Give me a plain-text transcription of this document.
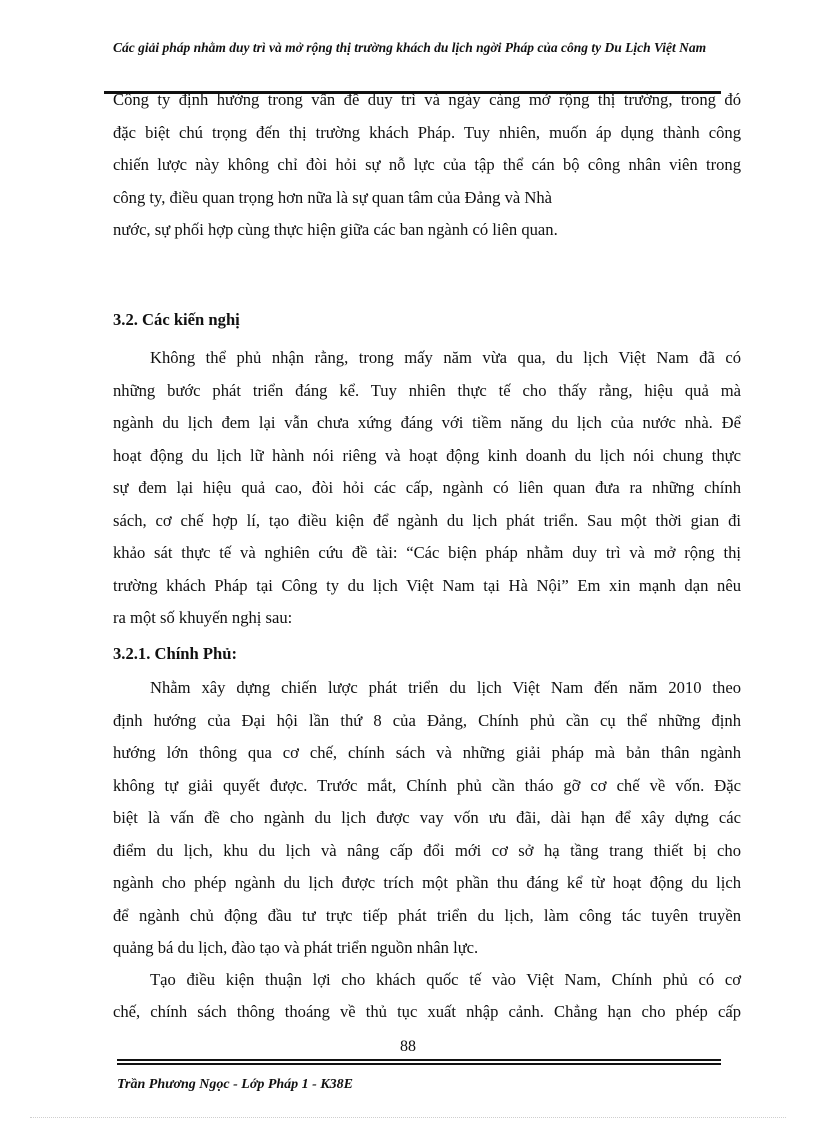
Các giải pháp nhằm duy trì và mở rộng thị trường khách du lịch ngời Pháp của công ty Du Lịch Việt Nam
Công ty định hướng trong vấn đề duy trì và ngày càng mở rộng thị trường, trong đó
đặc biệt chú trọng đến thị trường khách Pháp. Tuy nhiên, muốn áp dụng thành công
chiến lược này không chỉ đòi hỏi sự nỗ lực của tập thể cán bộ công nhân viên trong
công ty, điều quan trọng hơn nữa là sự quan tâm của Đảng và Nhà
nước, sự phối hợp cùng thực hiện giữa các ban ngành có liên quan.
3.2. Các kiến nghị
Không thể phủ nhận rằng, trong mấy năm vừa qua, du lịch Việt Nam đã có
những bước phát triển đáng kể. Tuy nhiên thực tế cho thấy rằng, hiệu quả mà
ngành du lịch đem lại vẫn chưa xứng đáng với tiềm năng du lịch của nước nhà. Để
hoạt động du lịch lữ hành nói riêng và hoạt động kinh doanh du lịch nói chung thực
sự đem lại hiệu quả cao, đòi hỏi các cấp, ngành có liên quan đưa ra những chính
sách, cơ chế hợp lí, tạo điều kiện để ngành du lịch phát triển. Sau một thời gian đi
khảo sát thực tế và nghiên cứu đề tài: “Các biện pháp nhằm duy trì và mở rộng thị
trường khách Pháp tại Công ty du lịch Việt Nam tại Hà Nội” Em xin mạnh dạn nêu
ra một số khuyến nghị sau:
3.2.1. Chính Phủ:
Nhằm xây dựng chiến lược phát triển du lịch Việt Nam đến năm 2010 theo
định hướng của Đại hội lần thứ 8 của Đảng, Chính phủ cần cụ thể những định
hướng lớn thông qua cơ chế, chính sách và những giải pháp mà bản thân ngành
không tự giải quyết được. Trước mắt, Chính phủ cần tháo gỡ cơ chế về vốn. Đặc
biệt là vấn đề cho ngành du lịch được vay vốn ưu đãi, dài hạn để xây dựng các
điểm du lịch, khu du lịch và nâng cấp đổi mới cơ sở hạ tầng trang thiết bị cho
ngành cho phép ngành du lịch được trích một phần thu đáng kể từ hoạt động du lịch
để ngành chủ động đầu tư trực tiếp phát triển du lịch, làm công tác tuyên truyền
quảng bá du lịch, đào tạo và phát triển nguồn nhân lực.
Tạo điều kiện thuận lợi cho khách quốc tế vào Việt Nam, Chính phủ có cơ
chế, chính sách thông thoáng về thủ tục xuất nhập cảnh. Chẳng hạn cho phép cấp
88
Trần Phương Ngọc - Lớp Pháp 1 - K38E
